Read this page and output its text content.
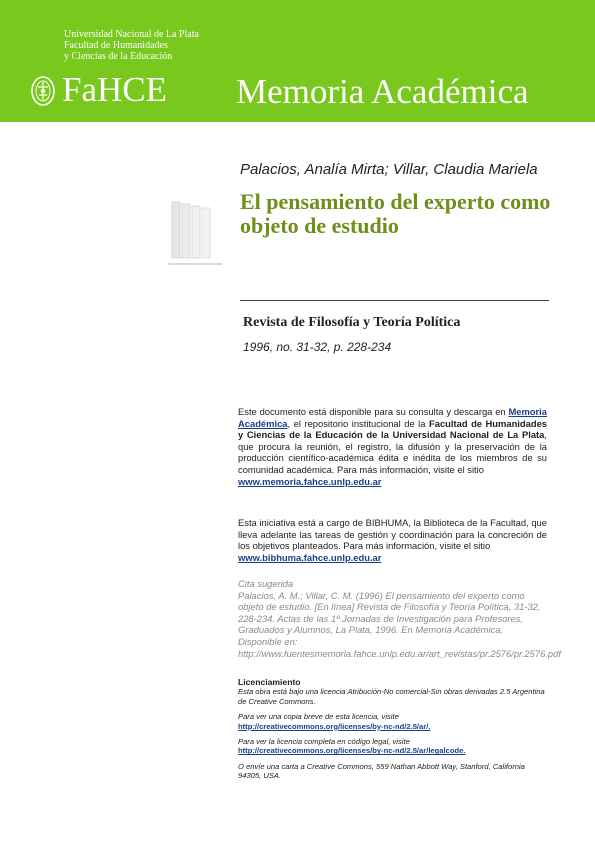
Universidad Nacional de La Plata
Facultad de Humanidades
y Ciencias de la Educación
FaHCE Memoria Académica
Palacios, Analía Mirta; Villar, Claudia Mariela
El pensamiento del experto como objeto de estudio
Revista de Filosofía y Teoría Política
1996, no. 31-32, p. 228-234
Este documento está disponible para su consulta y descarga en Memoria Académica, el repositorio institucional de la Facultad de Humanidades y Ciencias de la Educación de la Universidad Nacional de La Plata, que procura la reunión, el registro, la difusión y la preservación de la producción científico-académica édita e inédita de los miembros de su comunidad académica. Para más información, visite el sitio
www.memoria.fahce.unlp.edu.ar
Esta iniciativa está a cargo de BIBHUMA, la Biblioteca de la Facultad, que lleva adelante las tareas de gestión y coordinación para la concreción de los objetivos planteados. Para más información, visite el sitio
www.bibhuma.fahce.unlp.edu.ar
Cita sugerida
Palacios, A. M.; Villar, C. M. (1996) El pensamiento del experto como objeto de estudio. [En línea] Revista de Filosofía y Teoría Política, 31-32, 228-234. Actas de las 1º Jornadas de Investigación para Profesores, Graduados y Alumnos, La Plata, 1996. En Memoria Académica. Disponible en: http://www.fuentesmemoria.fahce.unlp.edu.ar/art_revistas/pr.2576/pr.2576.pdf
Licenciamiento
Esta obra está bajo una licencia Atribución-No comercial-Sin obras derivadas 2.5 Argentina de Creative Commons.
Para ver una copia breve de esta licencia, visite
http://creativecommons.org/licenses/by-nc-nd/2.5/ar/.
Para ver la licencia completa en código legal, visite
http://creativecommons.org/licenses/by-nc-nd/2.5/ar/legalcode.
O envíe una carta a Creative Commons, 559 Nathan Abbott Way, Stanford, California 94305, USA.
